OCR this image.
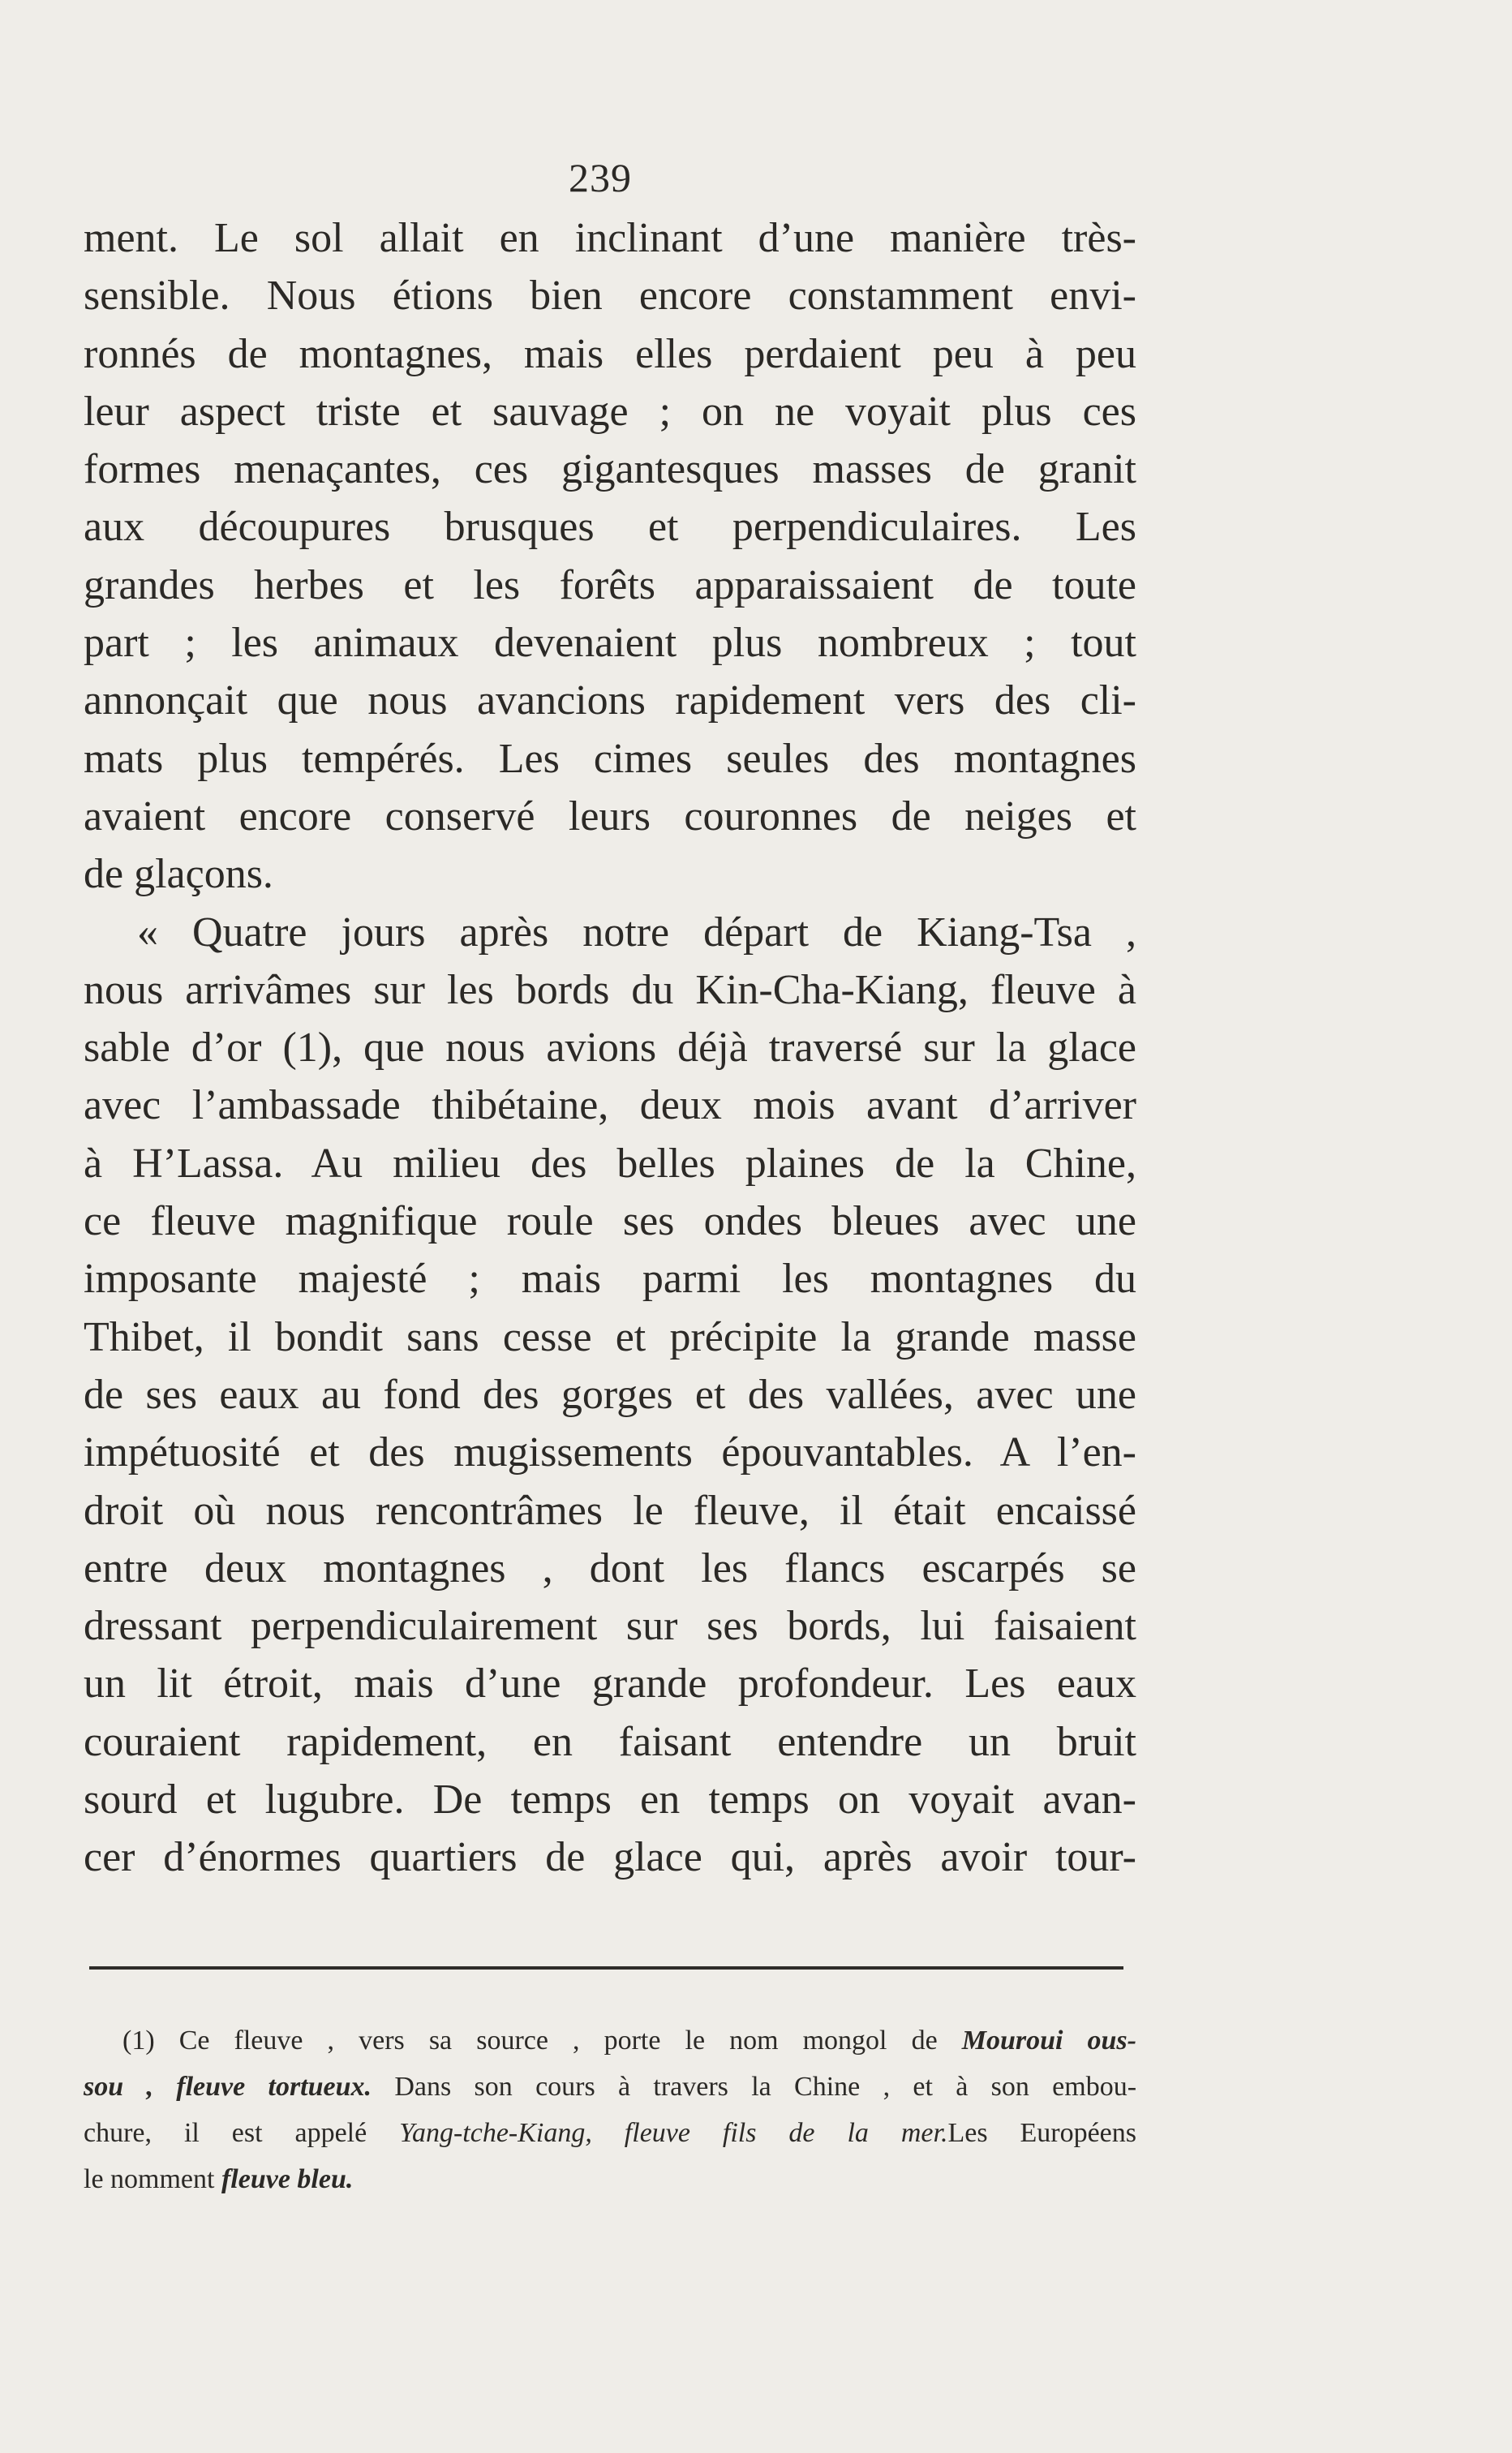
239
ment. Le sol allait en inclinant d’une manière très-
sensible. Nous étions bien encore constamment envi-
ronnés de montagnes, mais elles perdaient peu à peu
leur aspect triste et sauvage ; on ne voyait plus ces
formes menaçantes, ces gigantesques masses de granit
aux découpures brusques et perpendiculaires. Les
grandes herbes et les forêts apparaissaient de toute
part ; les animaux devenaient plus nombreux ; tout
annonçait que nous avancions rapidement vers des cli-
mats plus tempérés. Les cimes seules des montagnes
avaient encore conservé leurs couronnes de neiges et
de glaçons.
« Quatre jours après notre départ de Kiang-Tsa ,
nous arrivâmes sur les bords du Kin-Cha-Kiang, fleuve à
sable d’or (1), que nous avions déjà traversé sur la glace
avec l’ambassade thibétaine, deux mois avant d’arriver
à H’Lassa. Au milieu des belles plaines de la Chine,
ce fleuve magnifique roule ses ondes bleues avec une
imposante majesté ; mais parmi les montagnes du
Thibet, il bondit sans cesse et précipite la grande masse
de ses eaux au fond des gorges et des vallées, avec une
impétuosité et des mugissements épouvantables. A l’en-
droit où nous rencontrâmes le fleuve, il était encaissé
entre deux montagnes , dont les flancs escarpés se
dressant perpendiculairement sur ses bords, lui faisaient
un lit étroit, mais d’une grande profondeur. Les eaux
couraient rapidement, en faisant entendre un bruit
sourd et lugubre. De temps en temps on voyait avan-
cer d’énormes quartiers de glace qui, après avoir tour-
(1) Ce fleuve , vers sa source , porte le nom mongol de Mouroui ous-
sou , fleuve tortueux. Dans son cours à travers la Chine , et à son embou-
chure, il est appelé Yang-tche-Kiang, fleuve fils de la mer.Les Européens
le nomment fleuve bleu.
